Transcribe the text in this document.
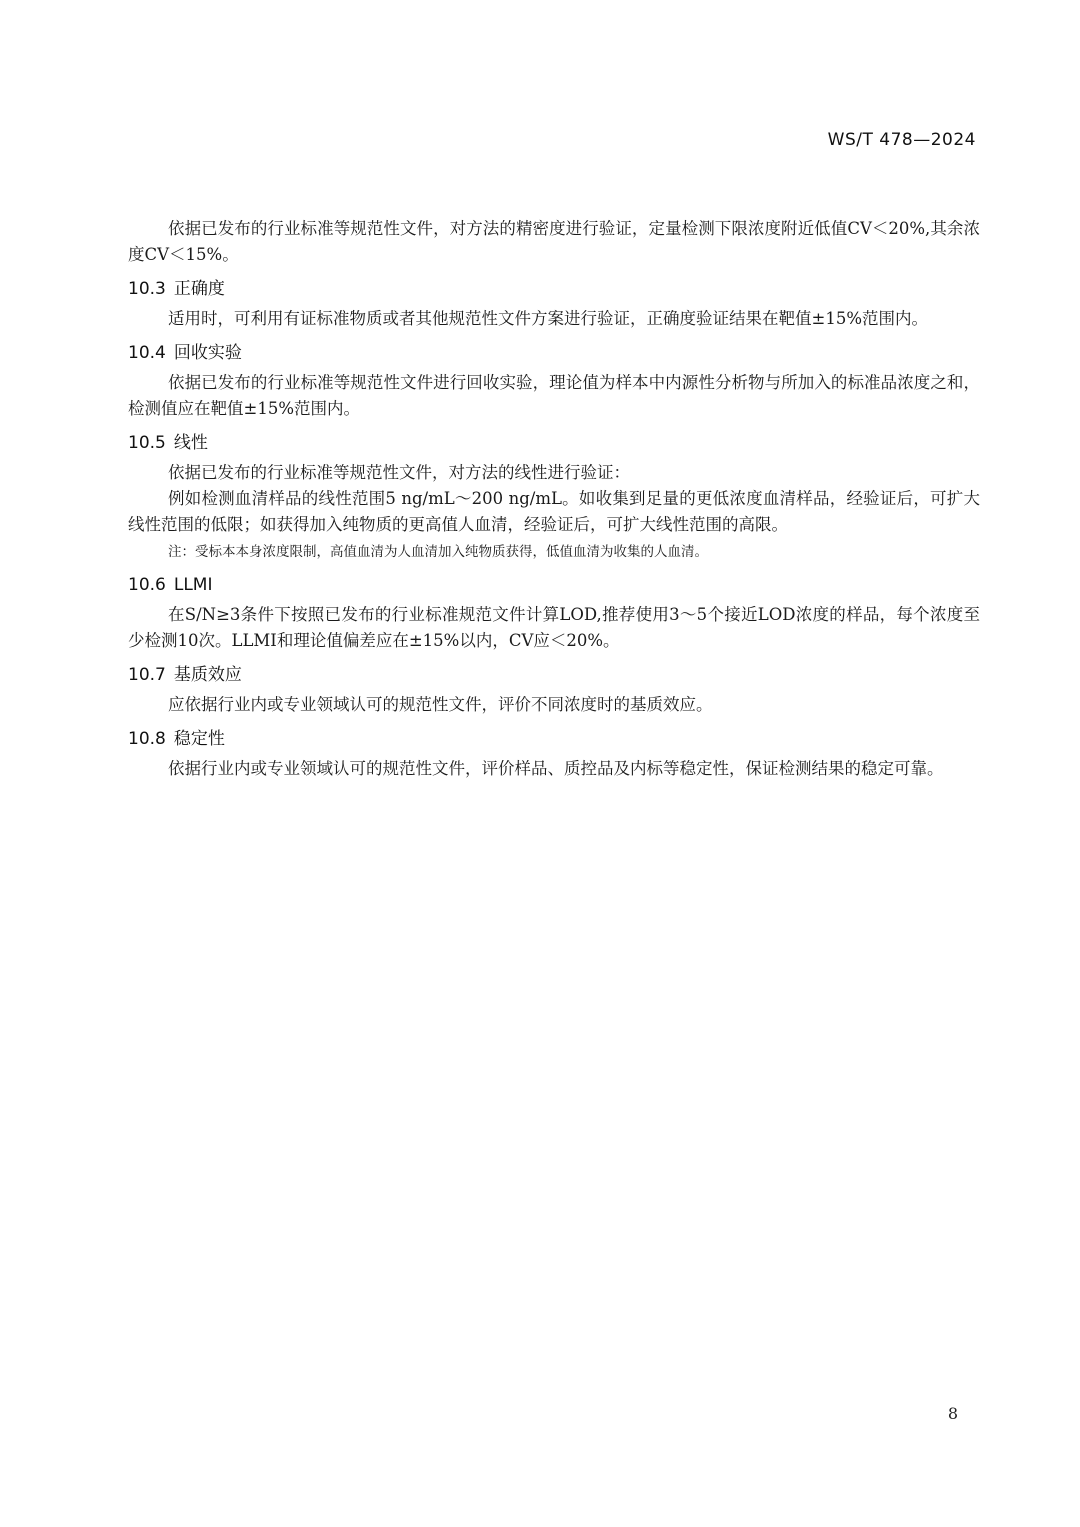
WS/T 478—2024

依据已发布的行业标准等规范性文件，对方法的精密度进行验证，定量检测下限浓度附近低值CV＜20%,其余浓度CV＜15%。

10.3 正确度

适用时，可利用有证标准物质或者其他规范性文件方案进行验证，正确度验证结果在靶值±15%范围内。

10.4 回收实验

依据已发布的行业标准等规范性文件进行回收实验，理论值为样本中内源性分析物与所加入的标准品浓度之和，检测值应在靶值±15%范围内。

10.5 线性

依据已发布的行业标准等规范性文件，对方法的线性进行验证：

例如检测血清样品的线性范围5 ng/mL～200 ng/mL。如收集到足量的更低浓度血清样品，经验证后，可扩大线性范围的低限；如获得加入纯物质的更高值人血清，经验证后，可扩大线性范围的高限。

注：受标本本身浓度限制，高值血清为人血清加入纯物质获得，低值血清为收集的人血清。

10.6 LLMI

在S/N≥3条件下按照已发布的行业标准规范文件计算LOD,推荐使用3～5个接近LOD浓度的样品，每个浓度至少检测10次。LLMI和理论值偏差应在±15%以内，CV应＜20%。

10.7 基质效应

应依据行业内或专业领域认可的规范性文件，评价不同浓度时的基质效应。

10.8 稳定性

依据行业内或专业领域认可的规范性文件，评价样品、质控品及内标等稳定性，保证检测结果的稳定可靠。

8
